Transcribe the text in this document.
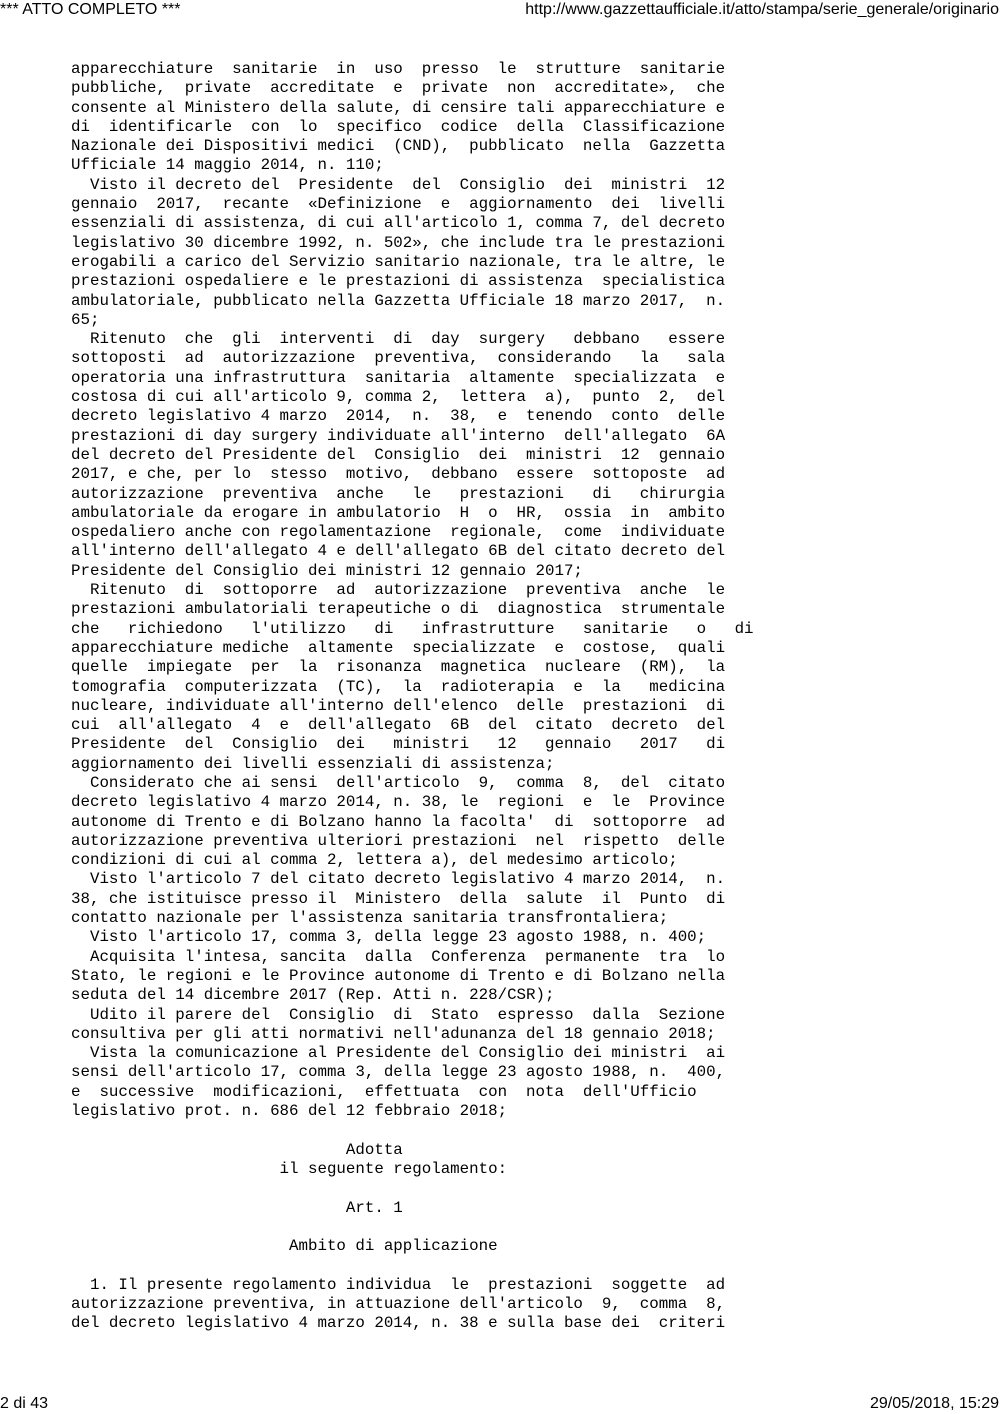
*** ATTO COMPLETO ***	http://www.gazzettaufficiale.it/atto/stampa/serie_generale/originario
apparecchiature  sanitarie  in  uso  presso  le  strutture  sanitarie
pubbliche,  private  accreditate  e  private  non  accreditate»,  che
consente al Ministero della salute, di censire tali apparecchiature e
di  identificarle  con  lo  specifico  codice  della  Classificazione
Nazionale dei Dispositivi medici  (CND),  pubblicato  nella  Gazzetta
Ufficiale 14 maggio 2014, n. 110;
Visto il decreto del  Presidente  del  Consiglio  dei  ministri  12
gennaio  2017,  recante  «Definizione  e  aggiornamento  dei  livelli
essenziali di assistenza, di cui all'articolo 1, comma 7, del decreto
legislativo 30 dicembre 1992, n. 502», che include tra le prestazioni
erogabili a carico del Servizio sanitario nazionale, tra le altre, le
prestazioni ospedaliere e le prestazioni di assistenza  specialistica
ambulatoriale, pubblicato nella Gazzetta Ufficiale 18 marzo 2017,  n.
65;
Ritenuto  che  gli  interventi  di  day  surgery   debbano   essere
sottoposti  ad  autorizzazione  preventiva,  considerando   la   sala
operatoria una infrastruttura  sanitaria  altamente  specializzata  e
costosa di cui all'articolo 9, comma 2,  lettera  a),  punto  2,  del
decreto legislativo 4 marzo  2014,  n.  38,  e  tenendo  conto  delle
prestazioni di day surgery individuate all'interno  dell'allegato  6A
del decreto del Presidente del  Consiglio  dei  ministri  12  gennaio
2017, e che, per lo  stesso  motivo,  debbano  essere  sottoposte  ad
autorizzazione  preventiva  anche   le   prestazioni   di   chirurgia
ambulatoriale da erogare in ambulatorio  H  o  HR,  ossia  in  ambito
ospedaliero anche con regolamentazione  regionale,  come  individuate
all'interno dell'allegato 4 e dell'allegato 6B del citato decreto del
Presidente del Consiglio dei ministri 12 gennaio 2017;
Ritenuto  di  sottoporre  ad  autorizzazione  preventiva  anche  le
prestazioni ambulatoriali terapeutiche o di  diagnostica  strumentale
che   richiedono   l'utilizzo   di   infrastrutture   sanitarie   o   di
apparecchiature mediche  altamente  specializzate  e  costose,  quali
quelle  impiegate  per  la  risonanza  magnetica  nucleare  (RM),  la
tomografia  computerizzata  (TC),  la  radioterapia  e  la   medicina
nucleare, individuate all'interno dell'elenco  delle  prestazioni  di
cui  all'allegato  4  e  dell'allegato  6B  del  citato  decreto  del
Presidente  del  Consiglio  dei   ministri   12   gennaio   2017   di
aggiornamento dei livelli essenziali di assistenza;
Considerato che ai sensi  dell'articolo  9,  comma  8,  del  citato
decreto legislativo 4 marzo 2014, n. 38, le  regioni  e  le  Province
autonome di Trento e di Bolzano hanno la facolta'  di  sottoporre  ad
autorizzazione preventiva ulteriori prestazioni  nel  rispetto  delle
condizioni di cui al comma 2, lettera a), del medesimo articolo;
Visto l'articolo 7 del citato decreto legislativo 4 marzo 2014,  n.
38, che istituisce presso il  Ministero  della  salute  il  Punto  di
contatto nazionale per l'assistenza sanitaria transfrontaliera;
Visto l'articolo 17, comma 3, della legge 23 agosto 1988, n. 400;
Acquisita l'intesa, sancita  dalla  Conferenza  permanente  tra  lo
Stato, le regioni e le Province autonome di Trento e di Bolzano nella
seduta del 14 dicembre 2017 (Rep. Atti n. 228/CSR);
Udito il parere del  Consiglio  di  Stato  espresso  dalla  Sezione
consultiva per gli atti normativi nell'adunanza del 18 gennaio 2018;
Vista la comunicazione al Presidente del Consiglio dei ministri  ai
sensi dell'articolo 17, comma 3, della legge 23 agosto 1988, n.  400,
e  successive  modificazioni,  effettuata  con  nota  dell'Ufficio
legislativo prot. n. 686 del 12 febbraio 2018;
Adotta
il seguente regolamento:
Art. 1
Ambito di applicazione
1. Il presente regolamento individua  le  prestazioni  soggette  ad
autorizzazione preventiva, in attuazione dell'articolo  9,  comma  8,
del decreto legislativo 4 marzo 2014, n. 38 e sulla base dei  criteri
2 di 43	29/05/2018, 15:29
